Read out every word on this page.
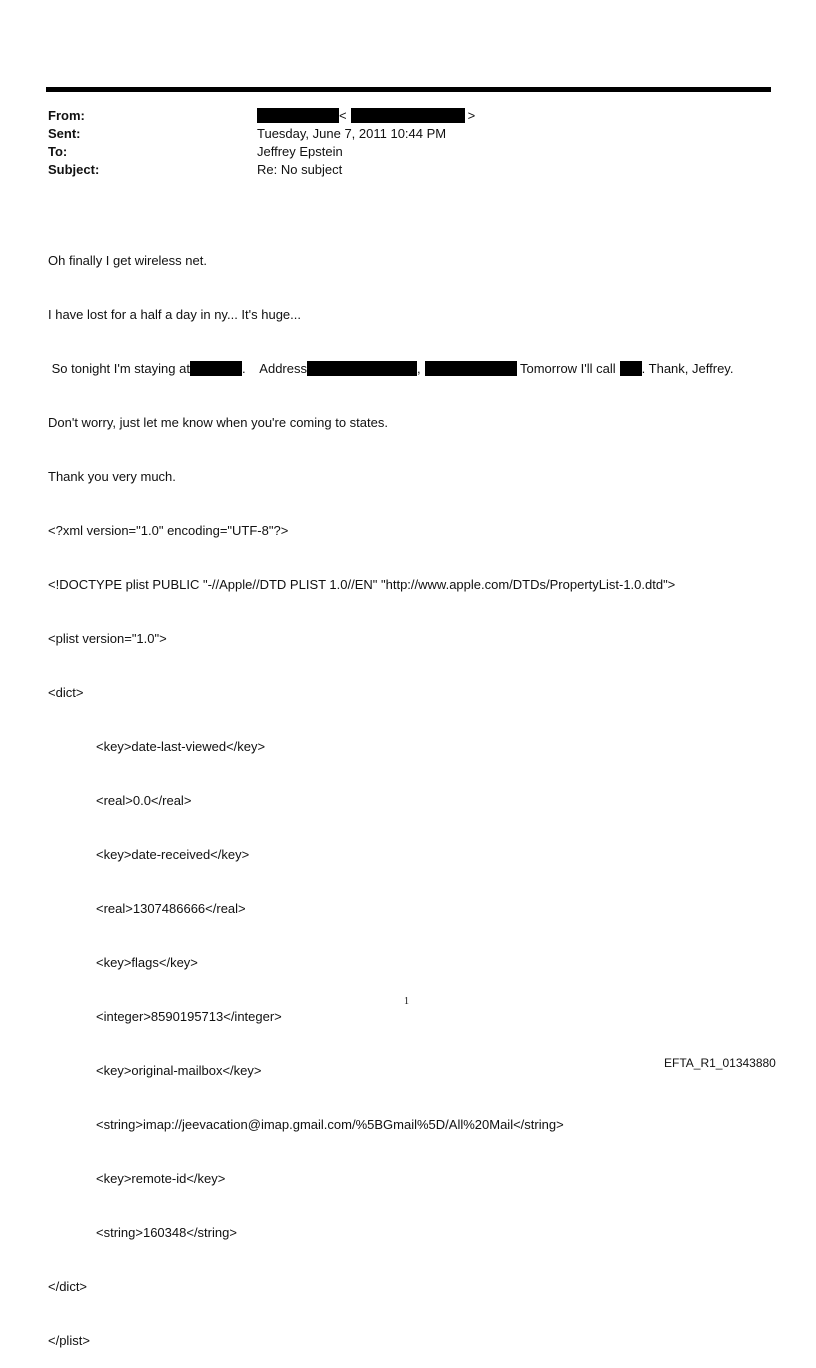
From:	<	>
Sent:	Tuesday, June 7, 2011 10:44 PM
To:	Jeffrey Epstein
Subject:	Re: No subject

Oh finally I get wireless net.

I have lost for a half a day in ny... It's huge...

So tonight I'm staying at	.    Address	,	Tomorrow I'll call . Thank, Jeffrey.

Don't worry, just let me know when you're coming to states.

Thank you very much.

<?xml version="1.0" encoding="UTF-8"?>

<!DOCTYPE plist PUBLIC "-//Apple//DTD PLIST 1.0//EN" "http://www.apple.com/DTDs/PropertyList-1.0.dtd">

<plist version="1.0">

<dict>

<key>date-last-viewed</key>

<real>0.0</real>

<key>date-received</key>

<real>1307486666</real>

<key>flags</key>

<integer>8590195713</integer>

<key>original-mailbox</key>

<string>imap://jeevacation@imap.gmail.com/%5BGmail%5D/All%20Mail</string>

<key>remote-id</key>

<string>160348</string>

</dict>

</plist>

1
EFTA_R1_01343880
